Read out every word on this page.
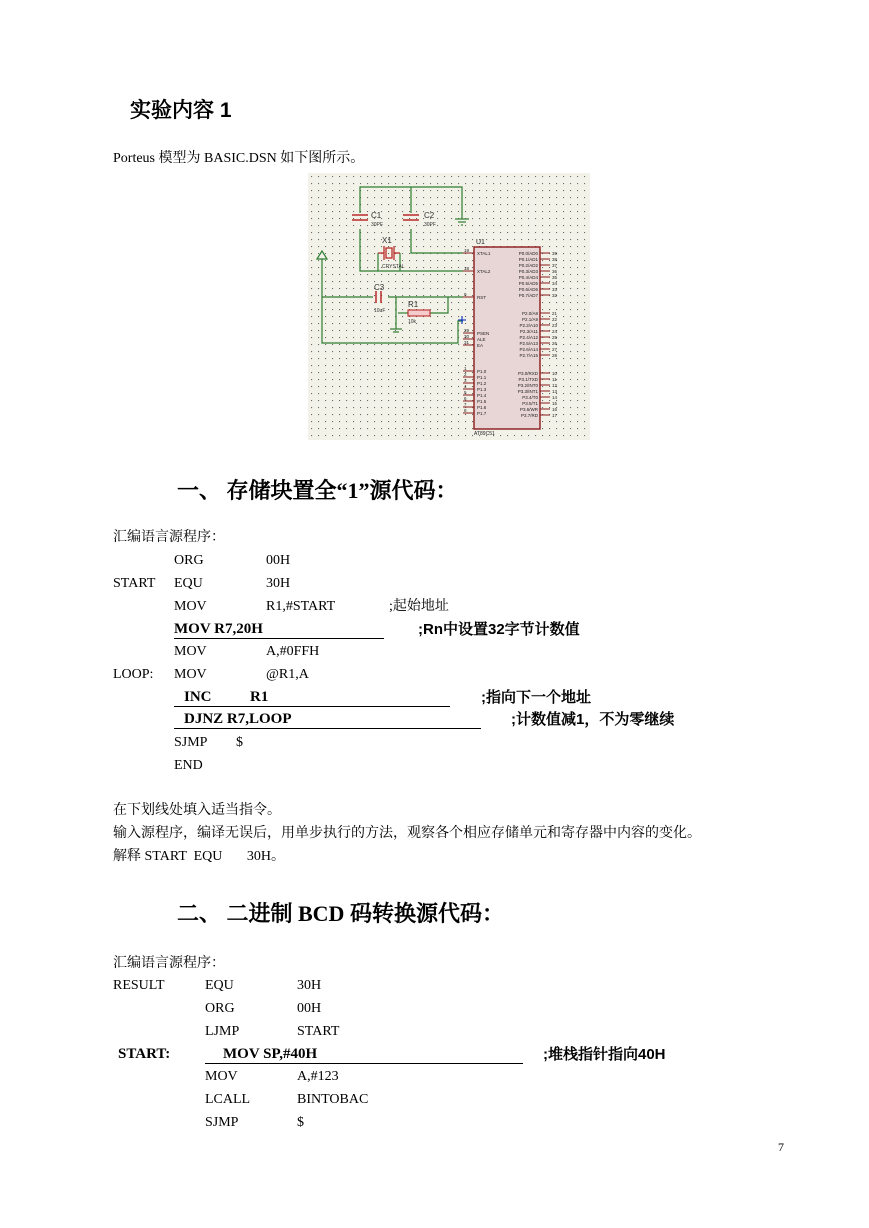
实验内容 1
Porteus 模型为 BASIC.DSN 如下图所示。
C1
30PF
C2
30PF
X1
CRYSTAL
C3
10uF
R1
10k
U1
AT89C51
XTAL1
19
XTAL2
18
RST
9
PSEN
29
ALE
30
EA
31
P1.0
1
P1.1
2
P1.2
3
P1.3
4
P1.4
5
P1.5
6
P1.6
7
P1.7
8
P0.0/AD0	39
P0.1/AD1	38
P0.2/AD2	37
P0.3/AD3	36
P0.4/AD4	35
P0.5/AD5	34
P0.6/AD6	33
P0.7/AD7	32
P2.0/A8	21
P2.1/A9	22
P2.2/A10	23
P2.3/A11	24
P2.4/A12	25
P2.5/A13	26
P2.6/A14	27
P2.7/A15	28
P3.0/RXD	10
P3.1/TXD	11
P3.2/INT0	12
P3.3/INT1	13
P3.4/T0	14
P3.5/T1	15
P3.6/WR	16
P3.7/RD	17
一、 存储块置全“1”源代码：
汇编语言源程序：
ORG	00H
START EQU	30H
MOV	R1,#START	;起始地址
MOV R7,20H	;Rn中设置32字节计数值
MOV	A,#0FFH
LOOP: MOV	@R1,A
INC	R1	;指向下一个地址
DJNZ R7,LOOP	;计数值减1，不为零继续
SJMP $
END
在下划线处填入适当指令。
输入源程序，编译无误后，用单步执行的方法，观察各个相应存储单元和寄存器中内容的变化。
解释 START  EQU       30H。
二、 二进制 BCD 码转换源代码：
汇编语言源程序：
RESULT	EQU	30H
ORG	00H
LJMP	START
START:	MOV SP,#40H	;堆栈指针指向40H
MOV	A,#123
LCALL	BINTOBAC
SJMP	$
7
